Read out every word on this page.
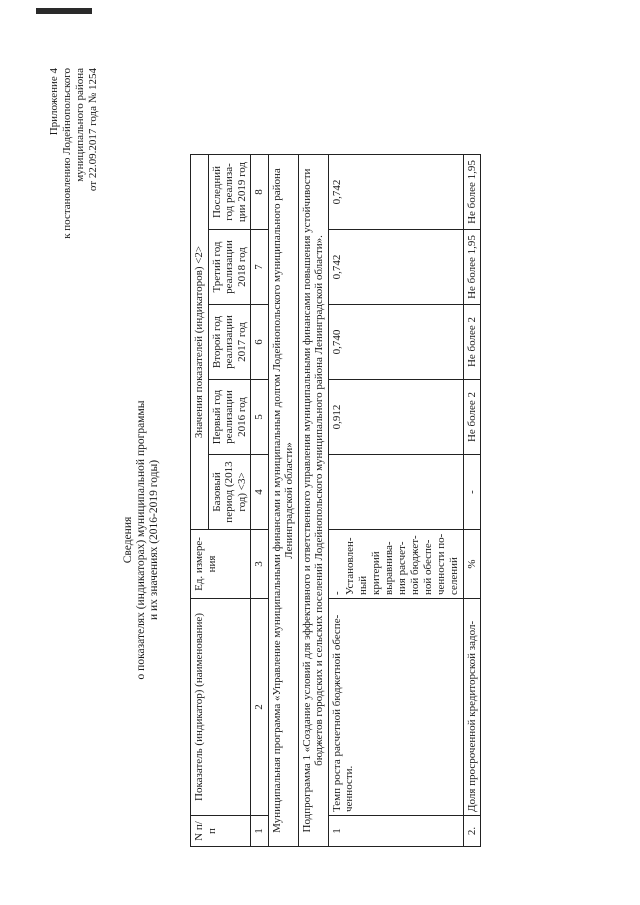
Приложение 4 к постановлению Лодейнопольского муниципального района от 22.09.2017 года № 1254
Сведения о показателях (индикаторах) муниципальной программы и их значениях (2016-2019 годы)
N п/п	Показатель (индикатор) (наименование)	Ед. измере-ния	Значения показателей (индикаторов) <2>				
			Базовый период (2013 год) <3>	Первый год реализации 2016 год	Второй год реализации 2017 год	Третий год реализации 2018 год	Последний год реализа-ции 2019 год
1	2	3	4	5	6	7	8
Муниципальная программа «Управление муниципальными финансами и муниципальным долгом Лодейнопольского муниципального района Ленинградской области»							
Подпрограмма 1 «Создание условий для эффективного и ответственного управления муниципальными финансами повышения устойчивости бюджетов городских и сельских поселений Лодейнопольского муниципального района Ленинградской области».							
1	Темп роста расчетной бюджетной обеспе-ченности.	- Установлен-ный критерий выравнива-ния расчет-ной бюджет-ной обеспе-ченности по-селений		0,912	0,740	0,742	0,742
2.	Доля просроченной кредиторской задол-	%	-	Не более 2	Не более 2	Не более 1,95	Не более 1,95
